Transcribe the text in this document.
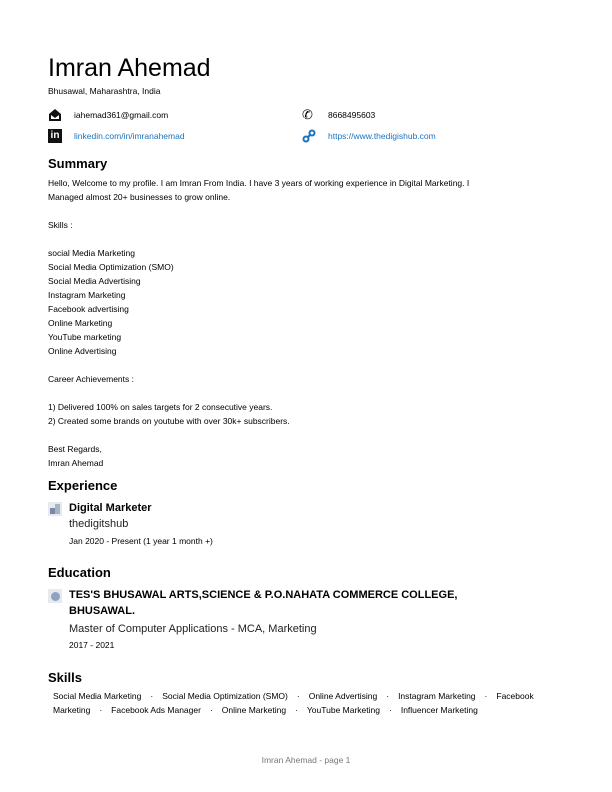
Imran Ahemad
Bhusawal, Maharashtra, India
iahemad361@gmail.com	✆	8668495603
in	linkedin.com/in/imranahemad	https://www.thedigishub.com
Summary
Hello, Welcome to my profile. I am Imran From India. I have 3 years of working experience in Digital Marketing. I
Managed almost 20+ businesses to grow online.
Skills :
social Media Marketing
Social Media Optimization (SMO)
Social Media Advertising
Instagram Marketing
Facebook advertising
Online Marketing
YouTube marketing
Online Advertising
Career Achievements :
1) Delivered 100% on sales targets for 2 consecutive years.
2) Created some brands on youtube with over 30k+ subscribers.
Best Regards,
Imran Ahemad
Experience
Digital Marketer
thedigitshub
Jan 2020 - Present (1 year 1 month +)
Education
TES'S BHUSAWAL ARTS,SCIENCE & P.O.NAHATA COMMERCE COLLEGE,
BHUSAWAL.
Master of Computer Applications - MCA, Marketing
2017 - 2021
Skills
Social Media Marketing · Social Media Optimization (SMO) · Online Advertising · Instagram Marketing · Facebook Marketing · Facebook Ads Manager · Online Marketing · YouTube Marketing · Influencer Marketing
Imran Ahemad - page 1
